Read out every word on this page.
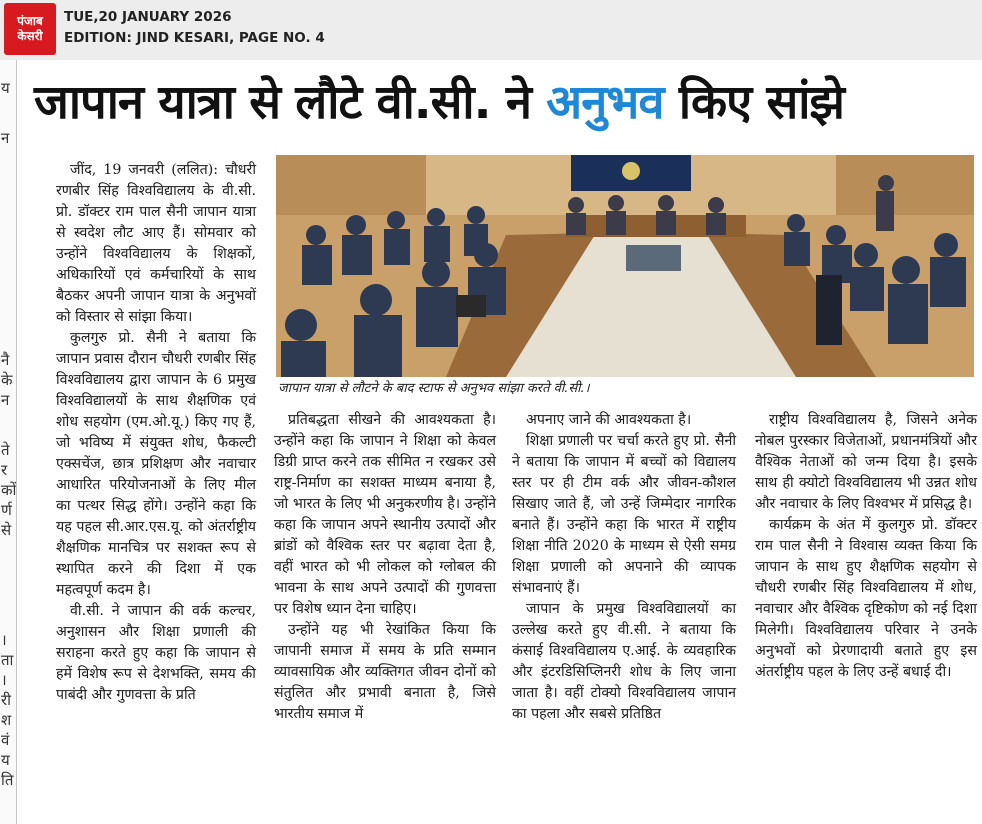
पंजाब
केसरी
TUE,20 JANUARY 2026
EDITION: JIND KESARI, PAGE NO. 4
य
न
नै
के
न
ते
र
कों
र्ण
से
।
ता
।
री
श
वं
य
ति
जापान यात्रा से लौटे वी.सी. ने अनुभव किए सांझे

जींद, 19 जनवरी (ललित): चौधरी रणबीर सिंह विश्वविद्यालय के वी.सी. प्रो. डॉक्टर राम पाल सैनी जापान यात्रा से स्वदेश लौट आए हैं। सोमवार को उन्होंने विश्वविद्यालय के शिक्षकों, अधिकारियों एवं कर्मचारियों के साथ बैठकर अपनी जापान यात्रा के अनुभवों को विस्तार से सांझा किया।

कुलगुरु प्रो. सैनी ने बताया कि जापान प्रवास दौरान चौधरी रणबीर सिंह विश्वविद्यालय द्वारा जापान के 6 प्रमुख विश्वविद्यालयों के साथ शैक्षणिक एवं शोध सहयोग (एम.ओ.यू.) किए गए हैं, जो भविष्य में संयुक्त शोध, फैकल्टी एक्सचेंज, छात्र प्रशिक्षण और नवाचार आधारित परियोजनाओं के लिए मील का पत्थर सिद्ध होंगे। उन्होंने कहा कि यह पहल सी.आर.एस.यू. को अंतर्राष्ट्रीय शैक्षणिक मानचित्र पर सशक्त रूप से स्थापित करने की दिशा में एक महत्वपूर्ण कदम है।

वी.सी. ने जापान की वर्क कल्चर, अनुशासन और शिक्षा प्रणाली की सराहना करते हुए कहा कि जापान से हमें विशेष रूप से देशभक्ति, समय की पाबंदी और गुणवत्ता के प्रति

जापान यात्रा से लौटने के बाद स्टाफ से अनुभव सांझा करते वी.सी.।

प्रतिबद्धता सीखने की आवश्यकता है। उन्होंने कहा कि जापान ने शिक्षा को केवल डिग्री प्राप्त करने तक सीमित न रखकर उसे राष्ट्र-निर्माण का सशक्त माध्यम बनाया है, जो भारत के लिए भी अनुकरणीय है। उन्होंने कहा कि जापान अपने स्थानीय उत्पादों और ब्रांडों को वैश्विक स्तर पर बढ़ावा देता है, वहीं भारत को भी लोकल को ग्लोबल की भावना के साथ अपने उत्पादों की गुणवत्ता पर विशेष ध्यान देना चाहिए।

उन्होंने यह भी रेखांकित किया कि जापानी समाज में समय के प्रति सम्मान व्यावसायिक और व्यक्तिगत जीवन दोनों को संतुलित और प्रभावी बनाता है, जिसे भारतीय समाज में

अपनाए जाने की आवश्यकता है।

शिक्षा प्रणाली पर चर्चा करते हुए प्रो. सैनी ने बताया कि जापान में बच्चों को विद्यालय स्तर पर ही टीम वर्क और जीवन-कौशल सिखाए जाते हैं, जो उन्हें जिम्मेदार नागरिक बनाते हैं। उन्होंने कहा कि भारत में राष्ट्रीय शिक्षा नीति 2020 के माध्यम से ऐसी समग्र शिक्षा प्रणाली को अपनाने की व्यापक संभावनाएं हैं।

जापान के प्रमुख विश्वविद्यालयों का उल्लेख करते हुए वी.सी. ने बताया कि कंसाई विश्वविद्यालय ए.आई. के व्यवहारिक और इंटरडिसिप्लिनरी शोध के लिए जाना जाता है। वहीं टोक्यो विश्वविद्यालय जापान का पहला और सबसे प्रतिष्ठित

राष्ट्रीय विश्वविद्यालय है, जिसने अनेक नोबल पुरस्कार विजेताओं, प्रधानमंत्रियों और वैश्विक नेताओं को जन्म दिया है। इसके साथ ही क्योटो विश्वविद्यालय भी उन्नत शोध और नवाचार के लिए विश्वभर में प्रसिद्ध है।

कार्यक्रम के अंत में कुलगुरु प्रो. डॉक्टर राम पाल सैनी ने विश्वास व्यक्त किया कि जापान के साथ हुए शैक्षणिक सहयोग से चौधरी रणबीर सिंह विश्वविद्यालय में शोध, नवाचार और वैश्विक दृष्टिकोण को नई दिशा मिलेगी। विश्वविद्यालय परिवार ने उनके अनुभवों को प्रेरणादायी बताते हुए इस अंतर्राष्ट्रीय पहल के लिए उन्हें बधाई दी।
